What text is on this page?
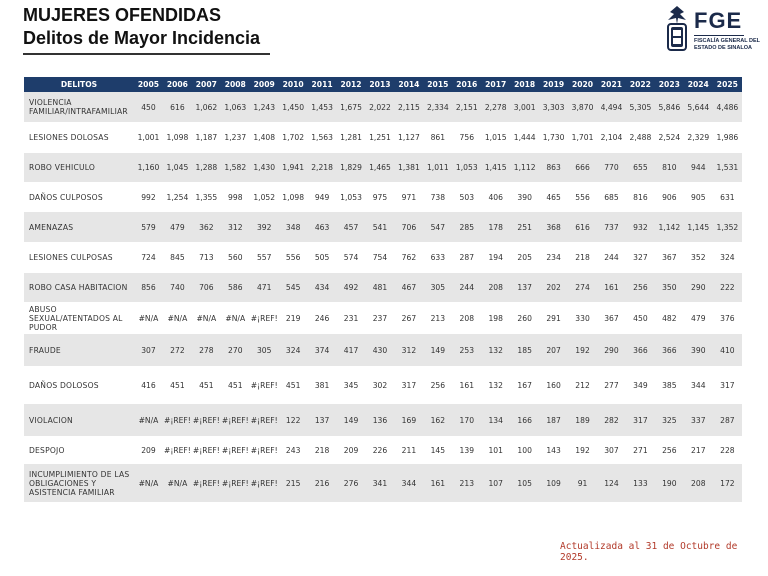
MUJERES OFENDIDAS
Delitos de Mayor Incidencia
FGE
FISCALÍA GENERAL DEL
ESTADO DE SINALOA
DELITOS	2005	2006	2007	2008	2009	2010	2011	2012	2013	2014	2015	2016	2017	2018	2019	2020	2021	2022	2023	2024	2025
VIOLENCIA FAMILIAR/INTRAFAMILIAR	450	616	1,062	1,063	1,243	1,450	1,453	1,675	2,022	2,115	2,334	2,151	2,278	3,001	3,303	3,870	4,494	5,305	5,846	5,644	4,486
LESIONES DOLOSAS	1,001	1,098	1,187	1,237	1,408	1,702	1,563	1,281	1,251	1,127	861	756	1,015	1,444	1,730	1,701	2,104	2,488	2,524	2,329	1,986
ROBO VEHICULO	1,160	1,045	1,288	1,582	1,430	1,941	2,218	1,829	1,465	1,381	1,011	1,053	1,415	1,112	863	666	770	655	810	944	1,531
DAÑOS CULPOSOS	992	1,254	1,355	998	1,052	1,098	949	1,053	975	971	738	503	406	390	465	556	685	816	906	905	631
AMENAZAS	579	479	362	312	392	348	463	457	541	706	547	285	178	251	368	616	737	932	1,142	1,145	1,352
LESIONES CULPOSAS	724	845	713	560	557	556	505	574	754	762	633	287	194	205	234	218	244	327	367	352	324
ROBO CASA HABITACION	856	740	706	586	471	545	434	492	481	467	305	244	208	137	202	274	161	256	350	290	222
ABUSO SEXUAL/ATENTADOS AL PUDOR	#N/A	#N/A	#N/A	#N/A	#¡REF!	219	246	231	237	267	213	208	198	260	291	330	367	450	482	479	376
FRAUDE	307	272	278	270	305	324	374	417	430	312	149	253	132	185	207	192	290	366	366	390	410
DAÑOS DOLOSOS	416	451	451	451	#¡REF!	451	381	345	302	317	256	161	132	167	160	212	277	349	385	344	317
VIOLACION	#N/A	#¡REF!	#¡REF!	#¡REF!	#¡REF!	122	137	149	136	169	162	170	134	166	187	189	282	317	325	337	287
DESPOJO	209	#¡REF!	#¡REF!	#¡REF!	#¡REF!	243	218	209	226	211	145	139	101	100	143	192	307	271	256	217	228
INCUMPLIMIENTO DE LAS OBLIGACIONES Y ASISTENCIA FAMILIAR	#N/A	#N/A	#¡REF!	#¡REF!	#¡REF!	215	216	276	341	344	161	213	107	105	109	91	124	133	190	208	172
Actualizada al 31 de Octubre de 2025.
